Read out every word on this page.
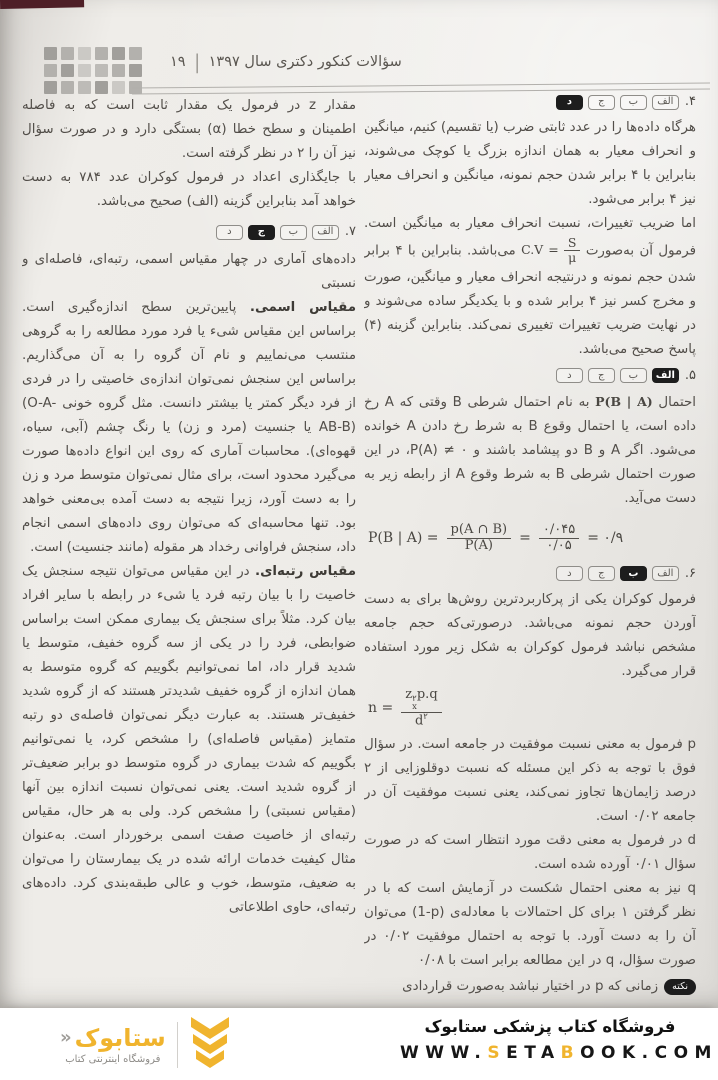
سؤالات کنکور دکتری سال ۱۳۹۷
|
۱۹
۴.
الف
ب
ج
د

هرگاه داده‌ها را در عدد ثابتی ضرب (یا تقسیم) کنیم، میانگین و انحراف معیار به همان اندازه بزرگ یا کوچک می‌شوند، بنابراین با ۴ برابر شدن حجم نمونه، میانگین و انحراف معیار نیز ۴ برابر می‌شود.

اما ضریب تغییرات، نسبت انحراف معیار به میانگین است. فرمول آن به‌صورت $C.V = \frac{S}{\mu}$
می‌باشد. بنابراین با ۴ برابر شدن حجم نمونه و درنتیجه انحراف معیار و میانگین، صورت و مخرج کسر نیز ۴ برابر شده و با یکدیگر ساده می‌شوند و در نهایت ضریب تغییرات تغییری نمی‌کند. بنابراین گزینه (۴) پاسخ صحیح می‌باشد.

۵.
الف
ب
ج
د

احتمال P(B | A) به نام احتمال شرطی B وقتی که A رخ داده است، یا احتمال وقوع B به شرط رخ دادن A خوانده می‌شود. اگر A و B دو پیشامد باشند و ⁦P(A) ≠ ۰⁩، در این صورت احتمال شرطی B به شرط وقوع A از رابطه زیر به دست می‌آید.

P(B | $A) = \frac{p(A \cap B)}{P(A)} = \frac{٠/٠۴۵}{٠/٠۵}$ = ٠/٩
۶.
الف
ب
ج
د

فرمول کوکران یکی از پرکاربردترین روش‌ها برای به دست آوردن حجم نمونه می‌باشد. درصورتی‌که حجم جامعه مشخص نباشد فرمول کوکران به شکل زیر مورد استفاده قرار می‌گیرد.

n = z ۲
x
p.q
$d^۲$

p فرمول به معنی نسبت موفقیت در جامعه است. در سؤال فوق با توجه به ذکر این مسئله که نسبت دوقلوزایی از ۲ درصد زایمان‌ها تجاوز نمی‌کند، یعنی نسبت موفقیت آن در جامعه ۰/۰۲ است.

d در فرمول به معنی دقت مورد انتظار است که در صورت سؤال ۰/۰۱ آورده شده است.

q نیز به معنی احتمال شکست در آزمایش است که با در نظر گرفتن ۱ برای کل احتمالات با معادله‌ی ⁦(1-p)⁩ می‌توان آن را به دست آورد. با توجه به احتمال موفقیت ۰/۰۲ در صورت سؤال، q در این مطالعه برابر است با ۰/۰۸

نکته
زمانی که p در اختیار نباشد به‌صورت قراردادی

مقدار z در فرمول یک مقدار ثابت است که به فاصله اطمینان و سطح خطا (α) بستگی دارد و در صورت سؤال نیز آن را ۲ در نظر گرفته است.

با جایگذاری اعداد در فرمول کوکران عدد ۷۸۴ به دست خواهد آمد بنابراین گزینه (الف) صحیح می‌باشد.

۷.
الف
ب
ج
د

داده‌های آماری در چهار مقیاس اسمی، رتبه‌ای، فاصله‌ای و نسبتی

مقیاس اسمی. پایین‌ترین سطح اندازه‌گیری است. براساس این مقیاس شیء یا فرد مورد مطالعه را به گروهی منتسب می‌نماییم و نام آن گروه را به آن می‌گذاریم. براساس این سنجش نمی‌توان اندازه‌ی خاصیتی را در فردی از فرد دیگر کمتر یا بیشتر دانست. مثل گروه خونی ⁦(O-A-AB-B)⁩ یا جنسیت (مرد و زن) یا رنگ چشم (آبی، سیاه، قهوه‌ای). محاسبات آماری که روی این انواع داده‌ها صورت می‌گیرد محدود است، برای مثال نمی‌توان متوسط مرد و زن را به دست آورد، زیرا نتیجه به دست آمده بی‌معنی خواهد بود. تنها محاسبه‌ای که می‌توان روی داده‌های اسمی انجام داد، سنجش فراوانی رخداد هر مقوله (مانند جنسیت) است.

مقیاس رتبه‌ای. در این مقیاس می‌توان نتیجه سنجش یک خاصیت را با بیان رتبه فرد یا شیء در رابطه با سایر افراد بیان کرد. مثلاً برای سنجش یک بیماری ممکن است براساس ضوابطی، فرد را در یکی از سه گروه خفیف، متوسط یا شدید قرار داد، اما نمی‌توانیم بگوییم که گروه متوسط به همان اندازه از گروه خفیف شدیدتر هستند که از گروه شدید خفیف‌تر هستند. به عبارت دیگر نمی‌توان فاصله‌ی دو رتبه متمایز (مقیاس فاصله‌ای) را مشخص کرد، یا نمی‌توانیم بگوییم که شدت بیماری در گروه متوسط دو برابر ضعیف‌تر از گروه شدید است. یعنی نمی‌توان نسبت اندازه بین آنها (مقیاس نسبتی) را مشخص کرد. ولی به هر حال، مقیاس رتبه‌ای از خاصیت صفت اسمی برخوردار است. به‌عنوان مثال کیفیت خدمات ارائه شده در یک بیمارستان را می‌توان به ضعیف، متوسط، خوب و عالی طبقه‌بندی کرد. داده‌های رتبه‌ای، حاوی اطلاعاتی

ستابوک
«
فروشگاه اینترنتی کتاب
فروشگاه کتاب پزشکی ستابوک
WWW.SETABOOK.COM
